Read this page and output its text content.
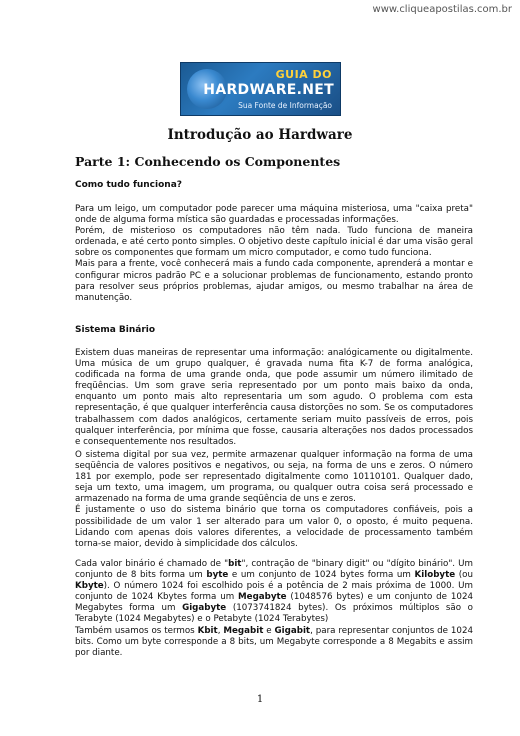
www.cliqueapostilas.com.br
GUIA DO
HARDWARE.NET
Sua Fonte de Informação
Introdução ao Hardware
Parte 1: Conhecendo os Componentes
Como tudo funciona?
Para um leigo, um computador pode parecer uma máquina misteriosa, uma "caixa preta" onde de alguma forma mística são guardadas e processadas informações.
Porém, de misterioso os computadores não têm nada. Tudo funciona de maneira ordenada, e até certo ponto simples. O objetivo deste capítulo inicial é dar uma visão geral sobre os componentes que formam um micro computador, e como tudo funciona.
Mais para a frente, você conhecerá mais a fundo cada componente, aprenderá a montar e configurar micros padrão PC e a solucionar problemas de funcionamento, estando pronto para resolver seus próprios problemas, ajudar amigos, ou mesmo trabalhar na área de manutenção.
Sistema Binário
Existem duas maneiras de representar uma informação: analógicamente ou digitalmente. Uma música de um grupo qualquer, é gravada numa fita K-7 de forma analógica, codificada na forma de uma grande onda, que pode assumir um número ilimitado de freqüências. Um som grave seria representado por um ponto mais baixo da onda, enquanto um ponto mais alto representaria um som agudo. O problema com esta representação, é que qualquer interferência causa distorções no som. Se os computadores trabalhassem com dados analógicos, certamente seriam muito passíveis de erros, pois qualquer interferência, por mínima que fosse, causaria alterações nos dados processados e consequentemente nos resultados.
O sistema digital por sua vez, permite armazenar qualquer informação na forma de uma seqüência de valores positivos e negativos, ou seja, na forma de uns e zeros. O número 181 por exemplo, pode ser representado digitalmente como 10110101. Qualquer dado, seja um texto, uma imagem, um programa, ou qualquer outra coisa será processado e armazenado na forma de uma grande seqüência de uns e zeros.
É justamente o uso do sistema binário que torna os computadores confiáveis, pois a possibilidade de um valor 1 ser alterado para um valor 0, o oposto, é muito pequena. Lidando com apenas dois valores diferentes, a velocidade de processamento também torna-se maior, devido à simplicidade dos cálculos.
Cada valor binário é chamado de "bit", contração de "binary digit" ou "dígito binário". Um conjunto de 8 bits forma um byte e um conjunto de 1024 bytes forma um Kilobyte (ou Kbyte). O número 1024 foi escolhido pois é a potência de 2 mais próxima de 1000. Um conjunto de 1024 Kbytes forma um Megabyte (1048576 bytes) e um conjunto de 1024 Megabytes forma um Gigabyte (1073741824 bytes). Os próximos múltiplos são o Terabyte (1024 Megabytes) e o Petabyte (1024 Terabytes)
Também usamos os termos Kbit, Megabit e Gigabit, para representar conjuntos de 1024 bits. Como um byte corresponde a 8 bits, um Megabyte corresponde a 8 Megabits e assim por diante.
1
